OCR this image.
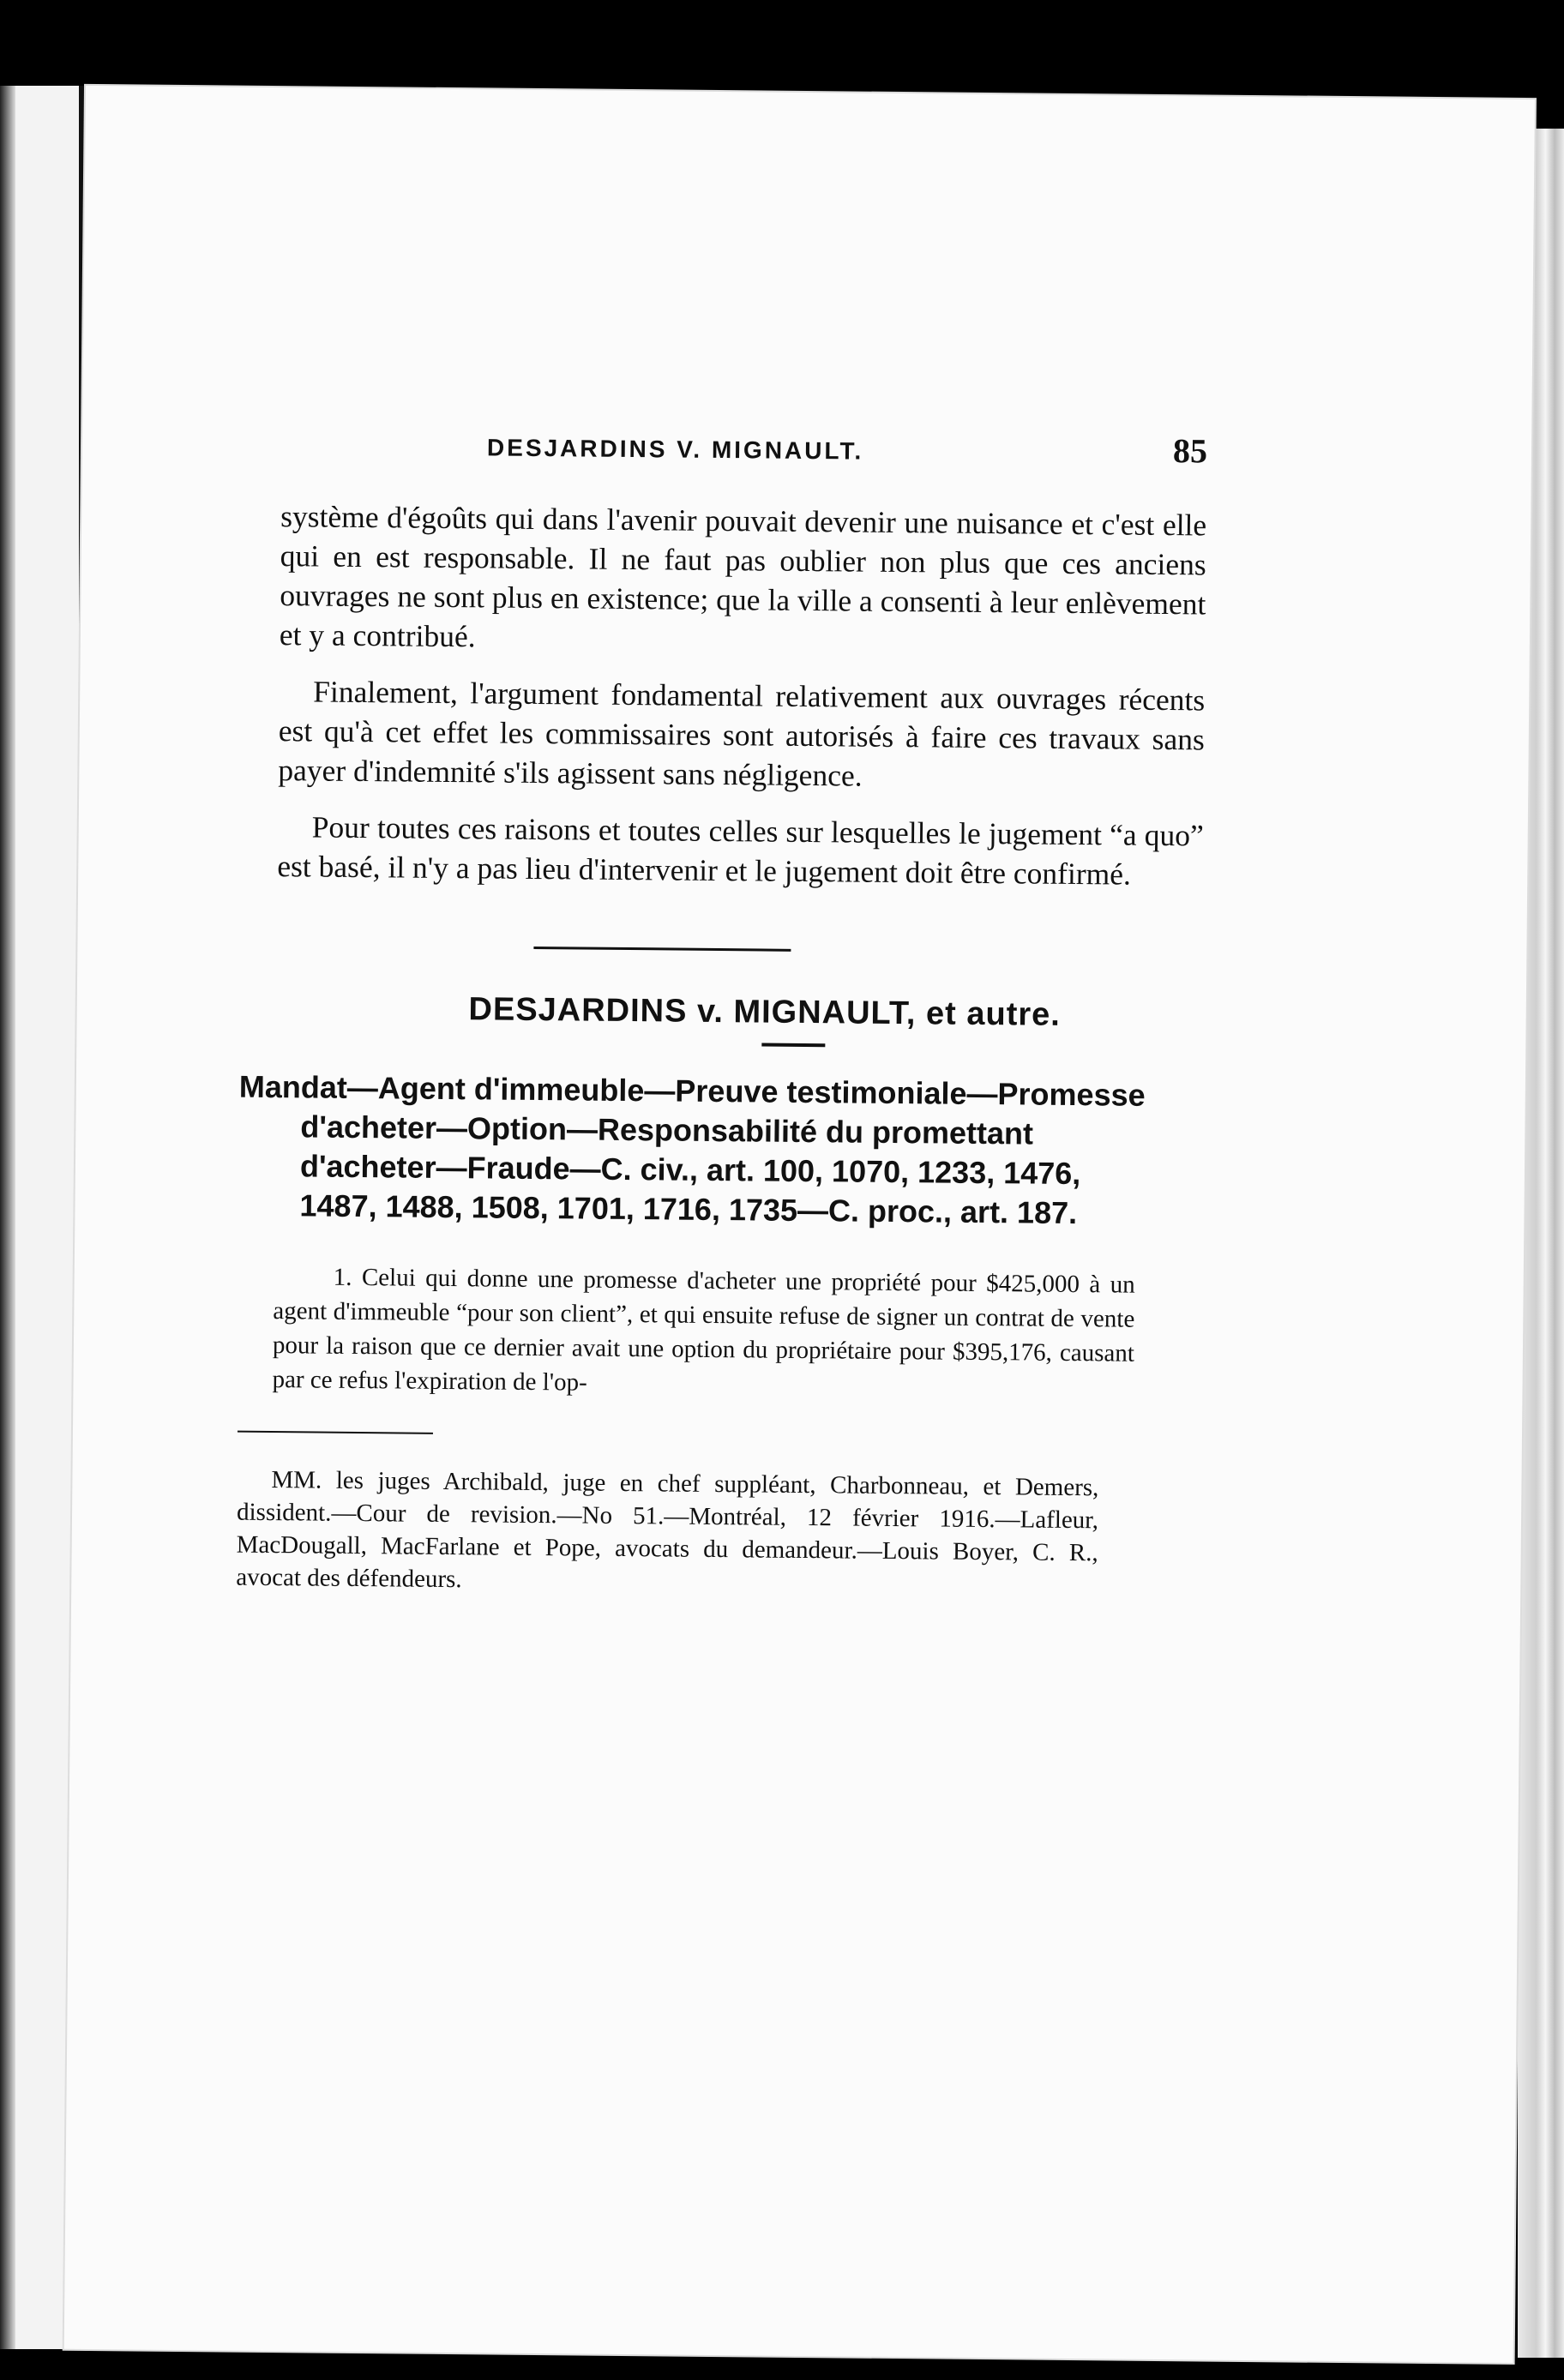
DESJARDINS V. MIGNAULT.	85

système d'égoûts qui dans l'avenir pouvait devenir une nuisance et c'est elle qui en est responsable. Il ne faut pas oublier non plus que ces anciens ouvrages ne sont plus en existence; que la ville a consenti à leur enlèvement et y a contribué.

Finalement, l'argument fondamental relativement aux ouvrages récents est qu'à cet effet les commissaires sont autorisés à faire ces travaux sans payer d'indemnité s'ils agissent sans négligence.

Pour toutes ces raisons et toutes celles sur lesquelles le jugement “a quo” est basé, il n'y a pas lieu d'intervenir et le jugement doit être confirmé.

DESJARDINS v. MIGNAULT, et autre.

Mandat—Agent d'immeuble—Preuve testimoniale—Promesse d'acheter—Option—Responsabilité du promettant d'acheter—Fraude—C. civ., art. 100, 1070, 1233, 1476, 1487, 1488, 1508, 1701, 1716, 1735—C. proc., art. 187.

1. Celui qui donne une promesse d'acheter une propriété pour $425,000 à un agent d'immeuble “pour son client”, et qui ensuite refuse de signer un contrat de vente pour la raison que ce dernier avait une option du propriétaire pour $395,176, causant par ce refus l'expiration de l'op-

MM. les juges Archibald, juge en chef suppléant, Charbonneau, et Demers, dissident.—Cour de revision.—No 51.—Montréal, 12 février 1916.—Lafleur, MacDougall, MacFarlane et Pope, avocats du demandeur.—Louis Boyer, C. R., avocat des défendeurs.
